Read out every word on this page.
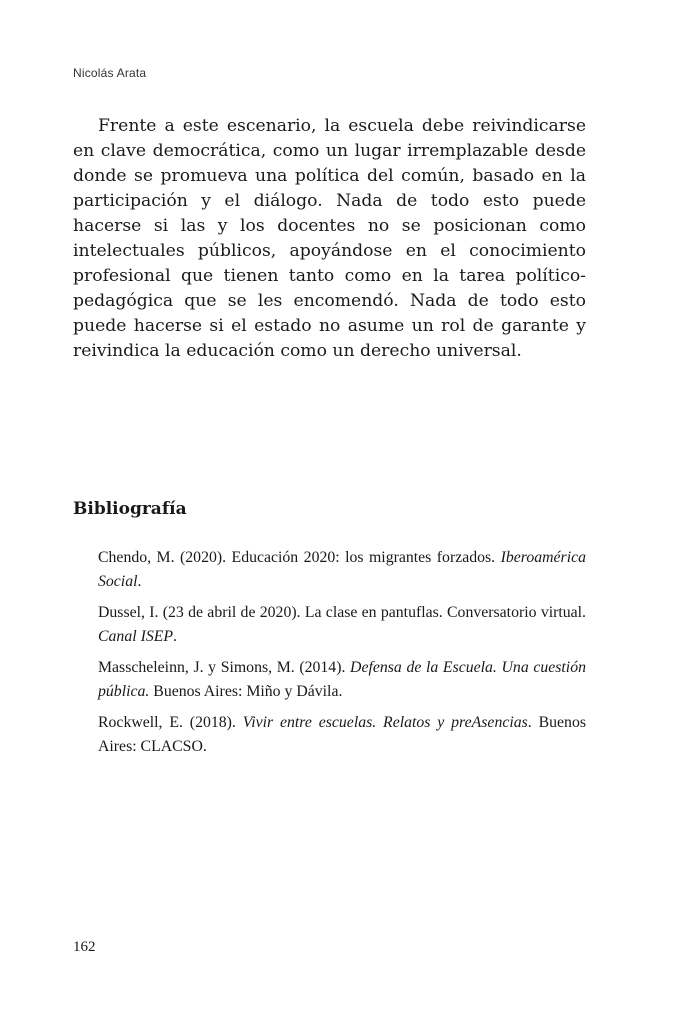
Nicolás Arata

Frente a este escenario, la escuela debe reivindicarse en clave democrática, como un lugar irremplazable desde donde se promueva una política del común, basado en la participación y el diálogo. Nada de todo esto puede hacerse si las y los docentes no se posicionan como intelectuales públicos, apoyándose en el conocimiento profesional que tienen tanto como en la tarea político-pedagógica que se les encomendó. Nada de todo esto puede hacerse si el estado no asume un rol de garante y reivindica la educación como un derecho universal.

Bibliografía
Chendo, M. (2020). Educación 2020: los migrantes forzados. Iberoamérica Social.
Dussel, I. (23 de abril de 2020). La clase en pantuflas. Conversatorio virtual. Canal ISEP.
Masscheleinn, J. y Simons, M. (2014). Defensa de la Escuela. Una cuestión pública. Buenos Aires: Miño y Dávila.
Rockwell, E. (2018). Vivir entre escuelas. Relatos y preAsencias. Buenos Aires: CLACSO.
162
